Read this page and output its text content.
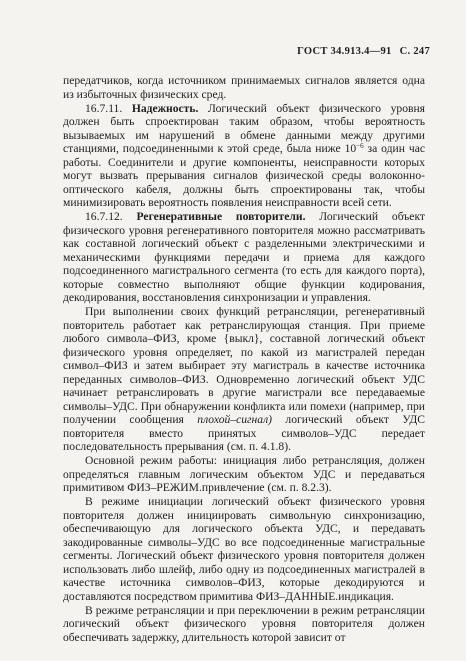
ГОСТ 34.913.4—91 С. 247

передатчиков, когда источником принимаемых сигналов является одна из избыточных физических сред.

16.7.11. Надежность. Логический объект физического уровня должен быть спроектирован таким образом, чтобы вероятность вызываемых им нарушений в обмене данными между другими станциями, подсоединенными к этой среде, была ниже $10^{-6}$ за один час работы. Соединители и другие компоненты, неисправности которых могут вызвать прерывания сигналов физической среды волоконно-оптического кабеля, должны быть спроектированы так, чтобы минимизировать вероятность появления неисправности всей сети.

16.7.12. Регенеративные повторители. Логический объект физического уровня регенеративного повторителя можно рассматривать как составной логический объект с разделенными электрическими и механическими функциями передачи и приема для каждого подсоединенного магистрального сегмента (то есть для каждого порта), которые совместно выполняют общие функции кодирования, декодирования, восстановления синхронизации и управления.

При выполнении своих функций ретрансляции, регенеративный повторитель работает как ретранслирующая станция. При приеме любого символа–ФИЗ, кроме {выкл}, составной логический объект физического уровня определяет, по какой из магистралей передан символ–ФИЗ и затем выбирает эту магистраль в качестве источника переданных символов–ФИЗ. Одновременно логический объект УДС начинает ретранслировать в другие магистрали все передаваемые символы–УДС. При обнаружении конфликта или помехи (например, при получении сообщения плохой–сигнал) логический объект УДС повторителя вместо принятых символов–УДС передает последовательность прерывания (см. п. 4.1.8).

Основной режим работы: инициация либо ретрансляция, должен определяться главным логическим объектом УДС и передаваться примитивом ФИЗ–РЕЖИМ.привлечение (см. п. 8.2.3).

В режиме инициации логический объект физического уровня повторителя должен инициировать символьную синхронизацию, обеспечивающую для логического объекта УДС, и передавать закодированные символы–УДС во все подсоединенные магистральные сегменты. Логический объект физического уровня повторителя должен использовать либо шлейф, либо одну из подсоединенных магистралей в качестве источника символов–ФИЗ, которые декодируются и доставляются посредством примитива ФИЗ–ДАННЫЕ.индикация.

В режиме ретрансляции и при переключении в режим ретрансляции логический объект физического уровня повторителя должен обеспечивать задержку, длительность которой зависит от
